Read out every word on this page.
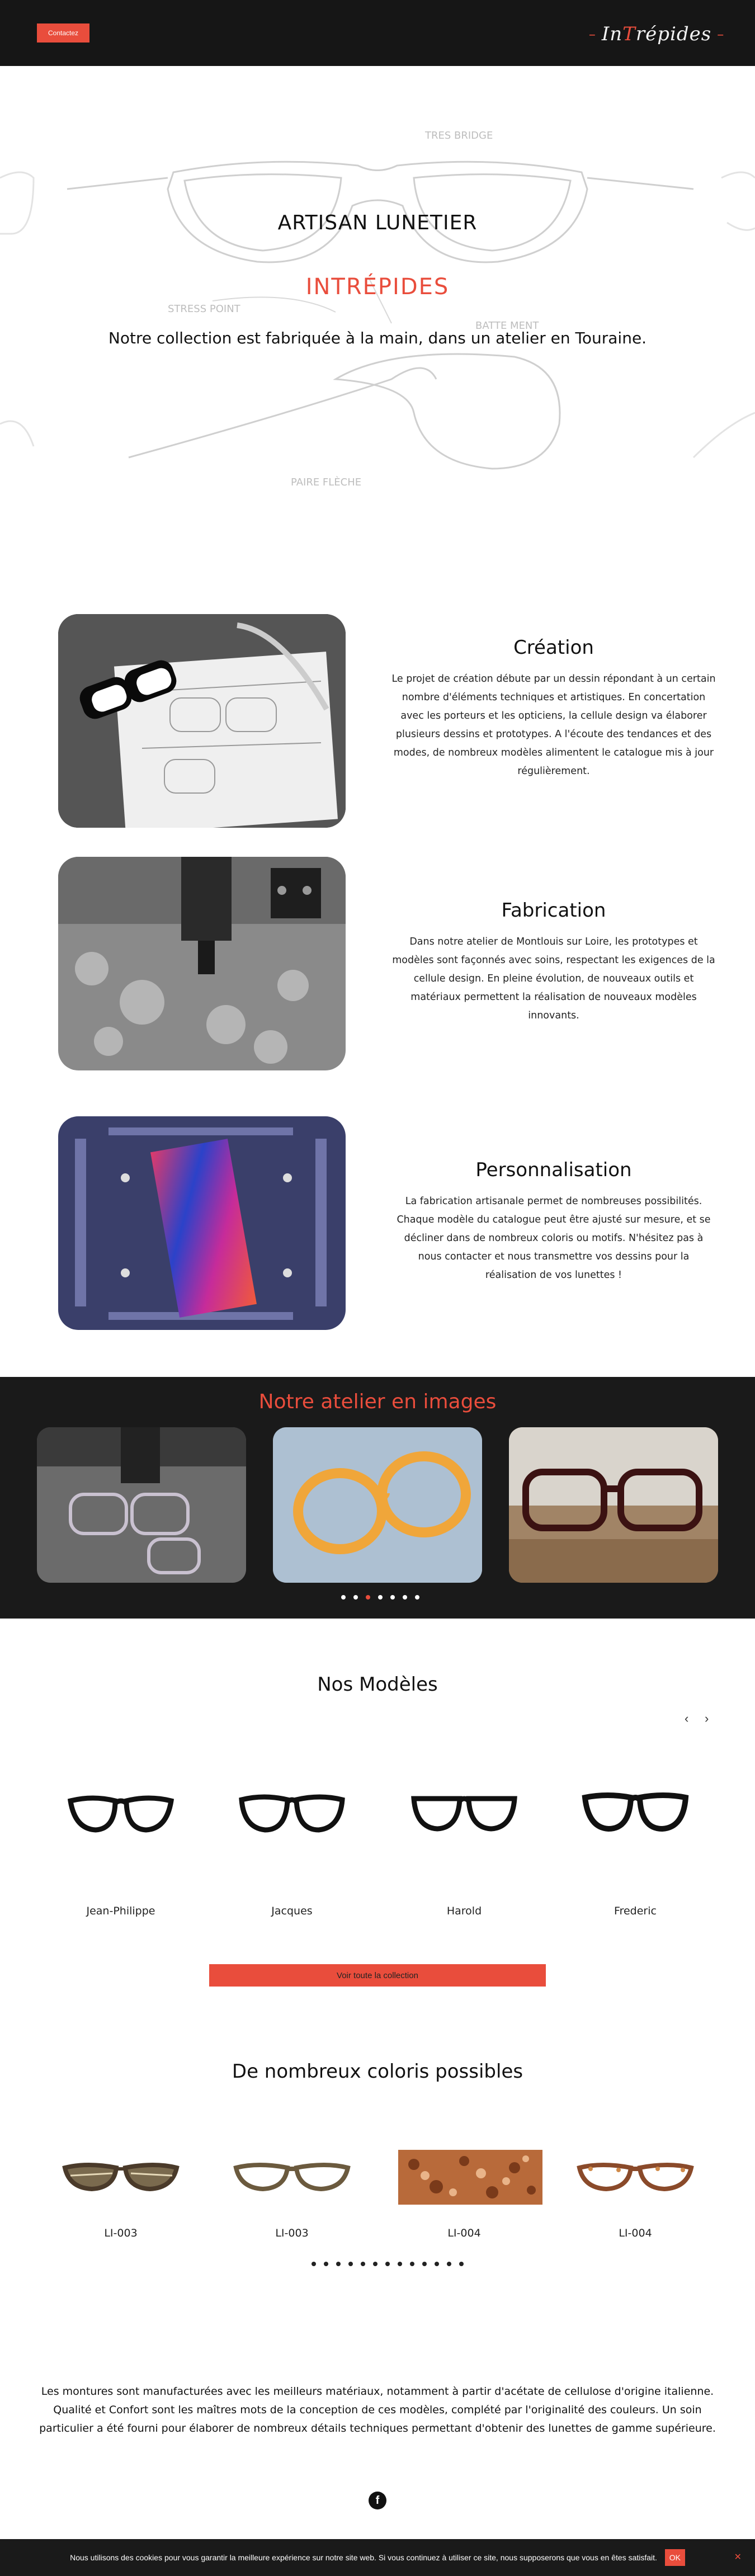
Contactez	– In T répides –
TRES BRIDGE
STRESS POINT
BATTE MENT
PAIRE FLÈCHE
ARTISAN LUNETIER
INTRÉPIDES
Notre collection est fabriquée à la main, dans un atelier en Touraine.
Création

Le projet de création débute par un dessin répondant à un certain nombre d'éléments techniques et artistiques. En concertation avec les porteurs et les opticiens, la cellule design va élaborer plusieurs dessins et prototypes. A l'écoute des tendances et des modes, de nombreux modèles alimentent le catalogue mis à jour régulièrement.

Fabrication

Dans notre atelier de Montlouis sur Loire, les prototypes et modèles sont façonnés avec soins, respectant les exigences de la cellule design. En pleine évolution, de nouveaux outils et matériaux permettent la réalisation de nouveaux modèles innovants.

Personnalisation

La fabrication artisanale permet de nombreuses possibilités. Chaque modèle du catalogue peut être ajusté sur mesure, et se décliner dans de nombreux coloris ou motifs. N'hésitez pas à nous contacter et nous transmettre vos dessins pour la réalisation de vos lunettes !

Notre atelier en images
Nos Modèles
‹ ›
Jean-Philippe	Jacques	Harold	Frederic
Voir toute la collection
De nombreux coloris possibles
LI-003	LI-003	LI-004	LI-004

Les montures sont manufacturées avec les meilleurs matériaux, notamment à partir d'acétate de cellulose d'origine italienne. Qualité et Confort sont les maîtres mots de la conception de ces modèles, complété par l'originalité des couleurs. Un soin particulier a été fourni pour élaborer de nombreux détails techniques permettant d'obtenir des lunettes de gamme supérieure.

f
Nous utilisons des cookies pour vous garantir la meilleure expérience sur notre site web. Si vous continuez à utiliser ce site, nous supposerons que vous en êtes satisfait.	OK	✕
